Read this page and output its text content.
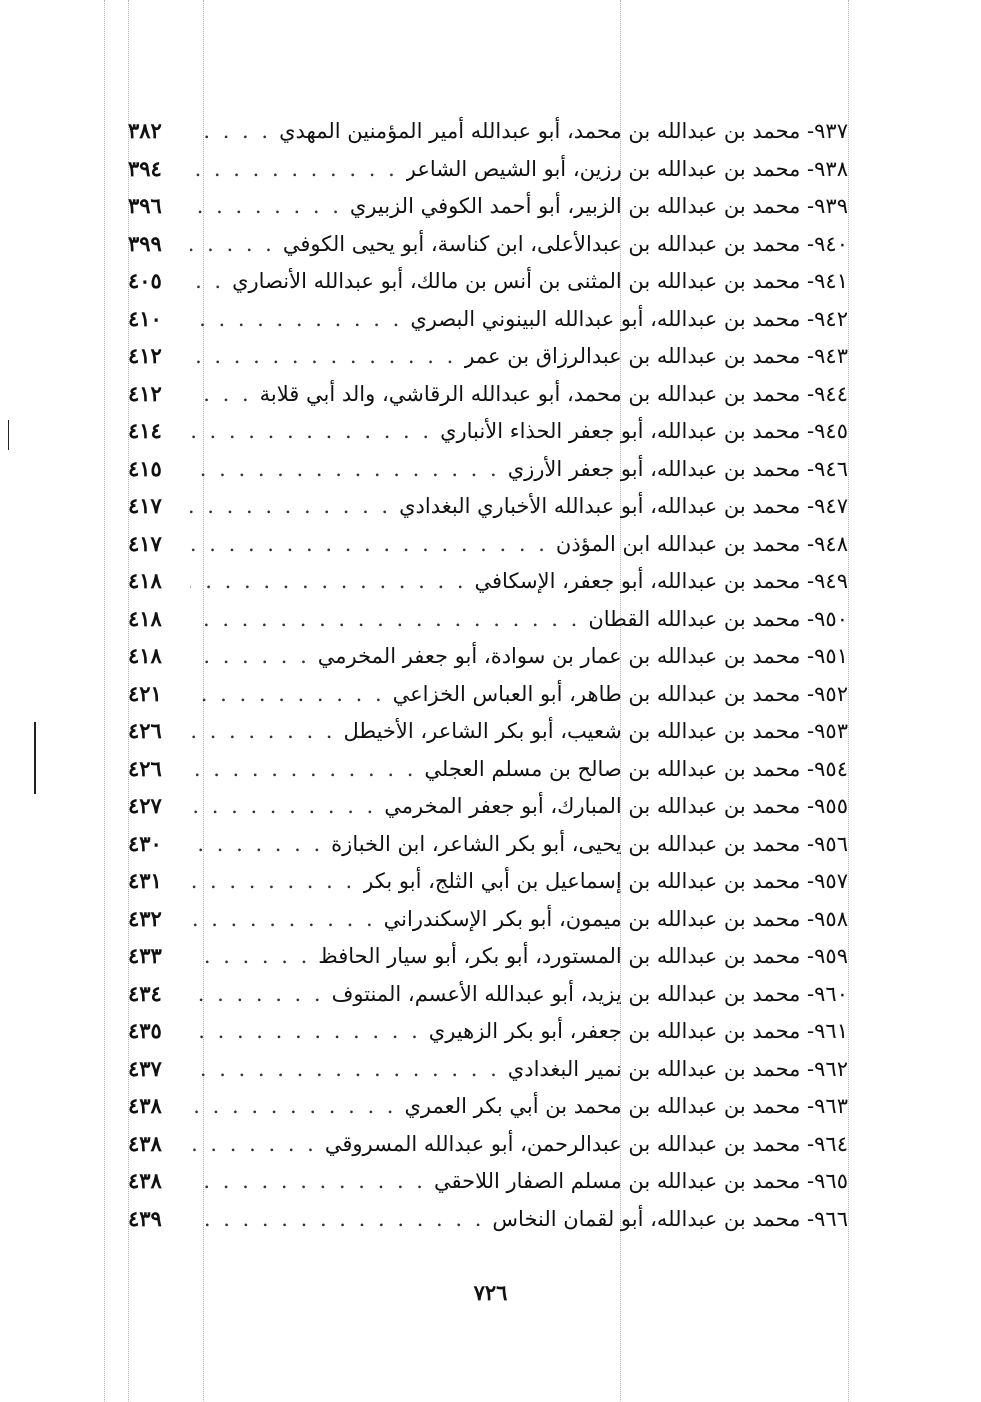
٩٣٧- محمد بن عبدالله بن محمد، أبو عبدالله أمير المؤمنين المهدي
. . .
٣٨٢
٩٣٨- محمد بن عبدالله بن رزين، أبو الشيص الشاعر
. . .
٣٩٤
٩٣٩- محمد بن عبدالله بن الزبير، أبو أحمد الكوفي الزبيري
. . .
٣٩٦
٩٤٠- محمد بن عبدالله بن عبدالأعلى، ابن كناسة، أبو يحيى الكوفي
. . .
٣٩٩
٩٤١- محمد بن عبدالله بن المثنى بن أنس بن مالك، أبو عبدالله الأنصاري
. . .
٤٠٥
٩٤٢- محمد بن عبدالله، أبو عبدالله البينوني البصري
. . .
٤١٠
٩٤٣- محمد بن عبدالله بن عبدالرزاق بن عمر
. . .
٤١٢
٩٤٤- محمد بن عبدالله بن محمد، أبو عبدالله الرقاشي، والد أبي قلابة
. . .
٤١٢
٩٤٥- محمد بن عبدالله، أبو جعفر الحذاء الأنباري
. . .
٤١٤
٩٤٦- محمد بن عبدالله، أبو جعفر الأرزي
. . .
٤١٥
٩٤٧- محمد بن عبدالله، أبو عبدالله الأخباري البغدادي
. . .
٤١٧
٩٤٨- محمد بن عبدالله ابن المؤذن
. . .
٤١٧
٩٤٩- محمد بن عبدالله، أبو جعفر، الإسكافي
. . .
٤١٨
٩٥٠- محمد بن عبدالله القطان
. . .
٤١٨
٩٥١- محمد بن عبدالله بن عمار بن سوادة، أبو جعفر المخرمي
. . .
٤١٨
٩٥٢- محمد بن عبدالله بن طاهر، أبو العباس الخزاعي
. . .
٤٢١
٩٥٣- محمد بن عبدالله بن شعيب، أبو بكر الشاعر، الأخيطل
. . .
٤٢٦
٩٥٤- محمد بن عبدالله بن صالح بن مسلم العجلي
. . .
٤٢٦
٩٥٥- محمد بن عبدالله بن المبارك، أبو جعفر المخرمي
. . .
٤٢٧
٩٥٦- محمد بن عبدالله بن يحيى، أبو بكر الشاعر، ابن الخبازة
. . .
٤٣٠
٩٥٧- محمد بن عبدالله بن إسماعيل بن أبي الثلج، أبو بكر
. . .
٤٣١
٩٥٨- محمد بن عبدالله بن ميمون، أبو بكر الإسكندراني
. . .
٤٣٢
٩٥٩- محمد بن عبدالله بن المستورد، أبو بكر، أبو سيار الحافظ
. . .
٤٣٣
٩٦٠- محمد بن عبدالله بن يزيد، أبو عبدالله الأعسم، المنتوف
. . .
٤٣٤
٩٦١- محمد بن عبدالله بن جعفر، أبو بكر الزهيري
. . .
٤٣٥
٩٦٢- محمد بن عبدالله بن نمير البغدادي
. . .
٤٣٧
٩٦٣- محمد بن عبدالله بن محمد بن أبي بكر العمري
. . .
٤٣٨
٩٦٤- محمد بن عبدالله بن عبدالرحمن، أبو عبدالله المسروقي
. . .
٤٣٨
٩٦٥- محمد بن عبدالله بن مسلم الصفار اللاحقي
. . .
٤٣٨
٩٦٦- محمد بن عبدالله، أبو لقمان النخاس
. . .
٤٣٩
٧٢٦
